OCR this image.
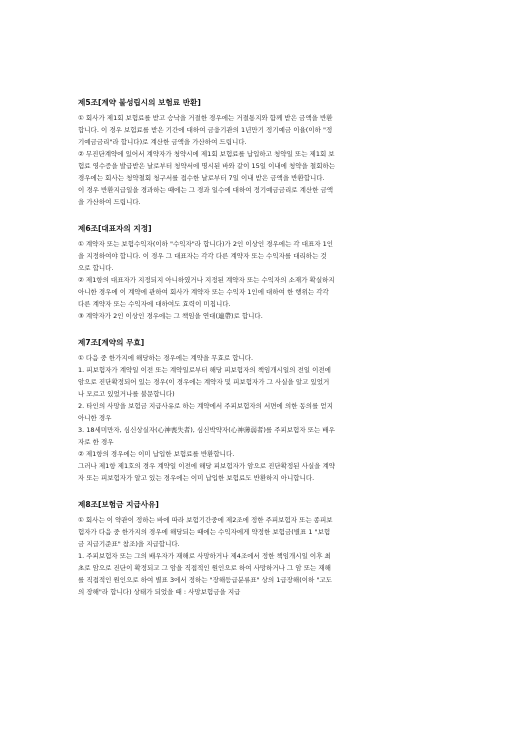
제5조[계약 불성립시의 보험료 반환]
① 회사가 제1회 보험료를 받고 승낙을 거절한 경우에는 거절통지와 함께 받은 금액을 반환
합니다. 이 경우 보험료를 받은 기간에 대하여 금융기관의 1년만기 정기예금 이율(이하 "정
기예금금리"라 합니다)로 계산한 금액을 가산하여 드립니다.
② 무진단계약에 있어서 계약자가 청약시에 제1회 보험료를 납입하고 청약일 또는 제1회 보
험료 영수증을 발급받은 날로부터 청약서에 명시된 바와 같이 15일 이내에 청약을 철회하는
경우에는 회사는 청약철회 청구서를 접수한 날로부터 7일 이내 받은 금액을 반환합니다.
이 경우 반환지급일을 경과하는 때에는 그 경과 일수에 대하여 정기예금금리로 계산한 금액
을 가산하여 드립니다.
제6조[대표자의 지정]
① 계약자 또는 보험수익자(이하 "수익자"라 합니다)가 2인 이상인 경우에는 각 대표자 1인
을 지정하여야 합니다. 이 경우 그 대표자는 각각 다른 계약자 또는 수익자를 대리하는 것
으로 합니다.
② 제1항의 대표자가 지정되지 아니하였거나 지정된 계약자 또는 수익자의 소재가 확실하지
아니한 경우에 이 계약에 관하여 회사가 계약자 또는 수익자 1인에 대하여 한 행위는 각각
다른 계약자 또는 수익자에 대하여도 효력이 미칩니다.
③ 계약자가 2인 이상인 경우에는 그 책임을 연대(連帶)로 합니다.
제7조[계약의 무효]
① 다음 중 한가지에 해당하는 경우에는 계약을 무효로 합니다.
1. 피보험자가 계약일 이전 또는 계약일로부터 해당 피보험자의 책임개시일의 전일 이전에
암으로 진단확정되어 있는 경우(이 경우에는 계약자 및 피보험자가 그 사실을 알고 있었거
나 모르고 있었거나를 불문합니다)
2. 타인의 사망을 보험금 지급사유로 하는 계약에서 주피보험자의 서면에 의한 동의를 얻지
아니한 경우
3. 18세미만자, 심신상실자(心神喪失者), 심신박약자(心神薄弱者)를 주피보험자 또는 배우
자로 한 경우
② 제1항의 경우에는 이미 납입한 보험료를 반환합니다.
그러나 제1항 제1호의 경우 계약일 이전에 해당 피보험자가 암으로 진단확정된 사실을 계약
자 또는 피보험자가 알고 있는 경우에는 이미 납입한 보험료도 반환하지 아니합니다.
제8조[보험금 지급사유]
① 회사는 이 약관이 정하는 바에 따라 보험기간중에 제2조에 정한 주피보험자 또는 종피보
험자가 다음 중 한가지의 경우에 해당되는 때에는 수익자에게 약정한 보험금(별표 1 "보험
금 지급기준표" 참조)을 지급합니다.
1. 주피보험자 또는 그의 배우자가 재해로 사망하거나 제4조에서 정한 책임개시일 이후 최
초로 암으로 진단이 확정되고 그 암을 직접적인 원인으로 하여 사망하거나 그 암 또는 재해
를 직접적인 원인으로 하여 별표 3에서 정하는 "장해등급분류표" 상의 1급장해(이하 "고도
의 장해"라 합니다) 상태가 되었을 때 : 사망보험금을 지급
